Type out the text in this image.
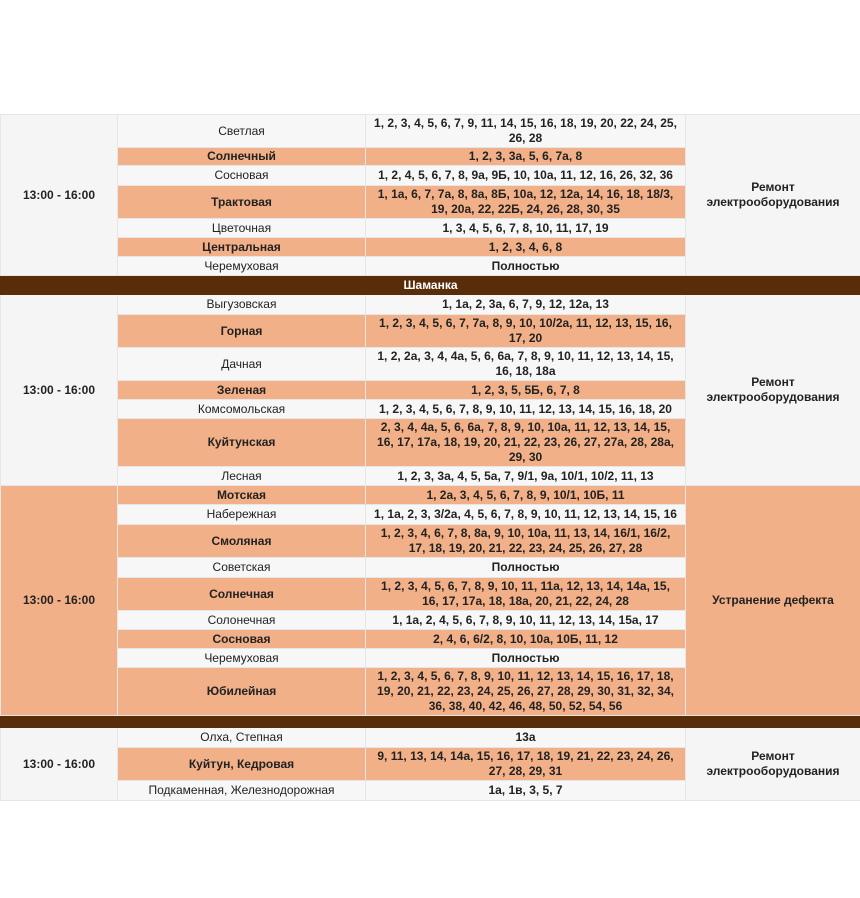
13:00 - 16:00	Светлая	1, 2, 3, 4, 5, 6, 7, 9, 11, 14, 15, 16, 18, 19, 20, 22, 24, 25, 26, 28	Ремонт электрооборудования
	Солнечный	1, 2, 3, 3а, 5, 6, 7а, 8	
	Сосновая	1, 2, 4, 5, 6, 7, 8, 9а, 9Б, 10, 10а, 11, 12, 16, 26, 32, 36	
	Трактовая	1, 1а, 6, 7, 7а, 8, 8а, 8Б, 10а, 12, 12а, 14, 16, 18, 18/3, 19, 20а, 22, 22Б, 24, 26, 28, 30, 35	
	Цветочная	1, 3, 4, 5, 6, 7, 8, 10, 11, 17, 19	
	Центральная	1, 2, 3, 4, 6, 8	
	Черемуховая	Полностью	
Шаманка			
13:00 - 16:00	Выгузовская	1, 1а, 2, 3а, 6, 7, 9, 12, 12а, 13	Ремонт электрооборудования
	Горная	1, 2, 3, 4, 5, 6, 7, 7а, 8, 9, 10, 10/2а, 11, 12, 13, 15, 16, 17, 20	
	Дачная	1, 2, 2а, 3, 4, 4а, 5, 6, 6а, 7, 8, 9, 10, 11, 12, 13, 14, 15, 16, 18, 18а	
	Зеленая	1, 2, 3, 5, 5Б, 6, 7, 8	
	Комсомольская	1, 2, 3, 4, 5, 6, 7, 8, 9, 10, 11, 12, 13, 14, 15, 16, 18, 20	
	Куйтунская	2, 3, 4, 4а, 5, 6, 6а, 7, 8, 9, 10, 10а, 11, 12, 13, 14, 15, 16, 17, 17а, 18, 19, 20, 21, 22, 23, 26, 27, 27а, 28, 28а, 29, 30	
	Лесная	1, 2, 3, 3а, 4, 5, 5а, 7, 9/1, 9а, 10/1, 10/2, 11, 13	
13:00 - 16:00	Мотская	1, 2а, 3, 4, 5, 6, 7, 8, 9, 10/1, 10Б, 11	Устранение дефекта
	Набережная	1, 1а, 2, 3, 3/2а, 4, 5, 6, 7, 8, 9, 10, 11, 12, 13, 14, 15, 16	
	Смоляная	1, 2, 3, 4, 6, 7, 8, 8а, 9, 10, 10а, 11, 13, 14, 16/1, 16/2, 17, 18, 19, 20, 21, 22, 23, 24, 25, 26, 27, 28	
	Советская	Полностью	
	Солнечная	1, 2, 3, 4, 5, 6, 7, 8, 9, 10, 11, 11а, 12, 13, 14, 14а, 15, 16, 17, 17а, 18, 18а, 20, 21, 22, 24, 28	
	Солонечная	1, 1а, 2, 4, 5, 6, 7, 8, 9, 10, 11, 12, 13, 14, 15а, 17	
	Сосновая	2, 4, 6, 6/2, 8, 10, 10а, 10Б, 11, 12	
	Черемуховая	Полностью	
	Юбилейная	1, 2, 3, 4, 5, 6, 7, 8, 9, 10, 11, 12, 13, 14, 15, 16, 17, 18, 19, 20, 21, 22, 23, 24, 25, 26, 27, 28, 29, 30, 31, 32, 34, 36, 38, 40, 42, 46, 48, 50, 52, 54, 56	

13:00 - 16:00	Олха, Степная	13а	Ремонт электрооборудования
	Куйтун, Кедровая	9, 11, 13, 14, 14а, 15, 16, 17, 18, 19, 21, 22, 23, 24, 26, 27, 28, 29, 31	
	Подкаменная, Железнодорожная	1а, 1в, 3, 5, 7	
